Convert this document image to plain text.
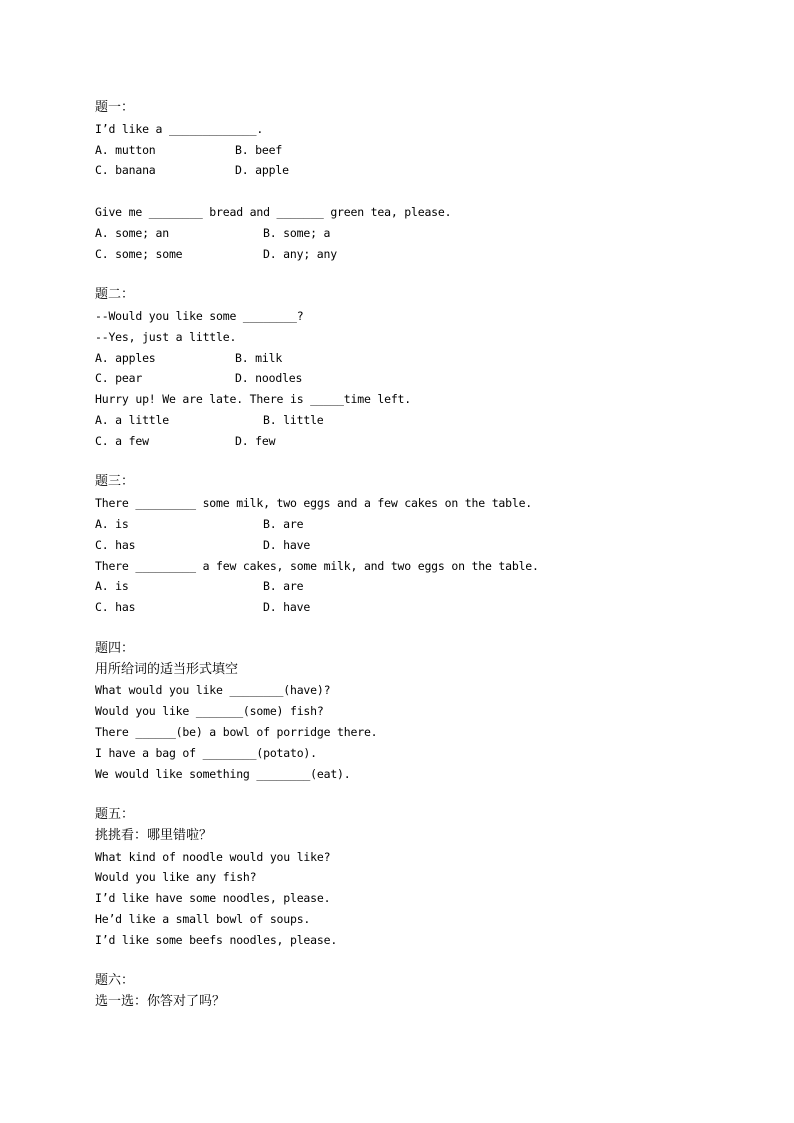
题一：
I’d like a _____________.
A. mutton	B. beef
C. banana	D. apple
Give me ________ bread and _______ green tea, please.
A. some; an	B. some; a
C. some; some	D. any; any
题二：
--Would you like some ________?
--Yes, just a little.
A. apples	B. milk
C. pear	D. noodles
Hurry up! We are late. There is _____time left.
A. a little	B. little
C. a few	D. few
题三：
There _________ some milk, two eggs and a few cakes on the table.
A. is	B. are
C. has	D. have
There _________ a few cakes, some milk, and two eggs on the table.
A. is	B. are
C. has	D. have
题四：
用所给词的适当形式填空
What would you like ________(have)?
Would you like _______(some) fish?
There ______(be) a bowl of porridge there.
I have a bag of ________(potato).
We would like something ________(eat).
题五：
挑挑看：哪里错啦？
What kind of noodle would you like?
Would you like any fish?
I’d like have some noodles, please.
He’d like a small bowl of soups.
I’d like some beefs noodles, please.
题六：
选一选：你答对了吗？
